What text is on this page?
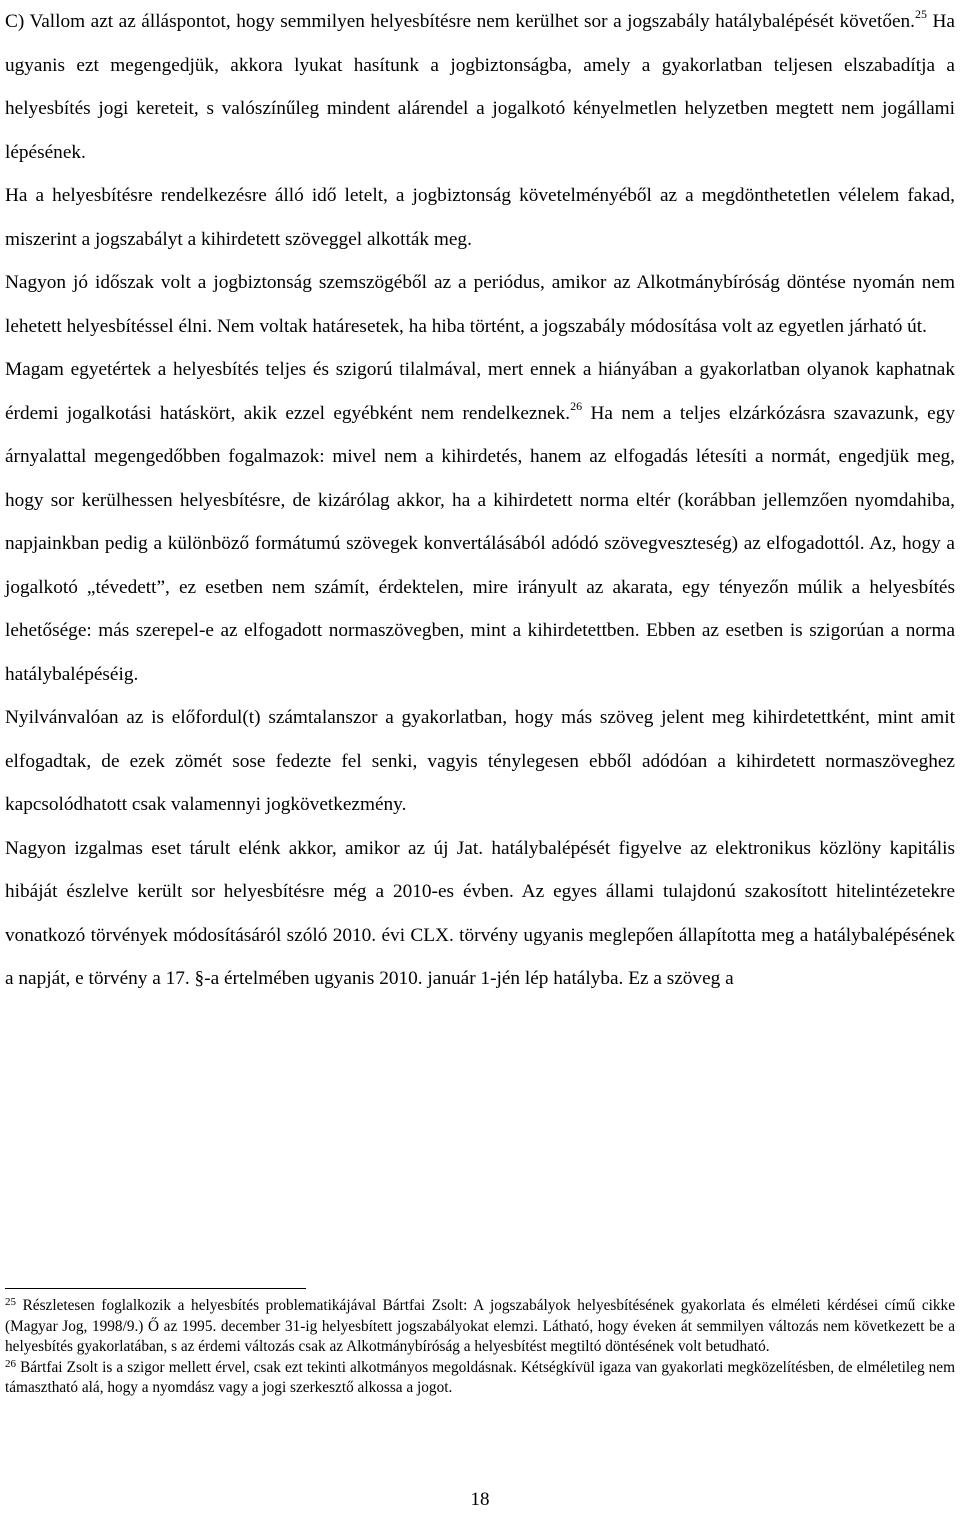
C) Vallom azt az álláspontot, hogy semmilyen helyesbítésre nem kerülhet sor a jogszabály hatálybalépését követően.$^{25}$ Ha ugyanis ezt megengedjük, akkora lyukat hasítunk a jogbiztonságba, amely a gyakorlatban teljesen elszabadítja a helyesbítés jogi kereteit, s valószínűleg mindent alárendel a jogalkotó kényelmetlen helyzetben megtett nem jogállami lépésének.

Ha a helyesbítésre rendelkezésre álló idő letelt, a jogbiztonság követelményéből az a megdönthetetlen vélelem fakad, miszerint a jogszabályt a kihirdetett szöveggel alkották meg.

Nagyon jó időszak volt a jogbiztonság szemszögéből az a periódus, amikor az Alkotmánybíróság döntése nyomán nem lehetett helyesbítéssel élni. Nem voltak határesetek, ha hiba történt, a jogszabály módosítása volt az egyetlen járható út.

Magam egyetértek a helyesbítés teljes és szigorú tilalmával, mert ennek a hiányában a gyakorlatban olyanok kaphatnak érdemi jogalkotási hatáskört, akik ezzel egyébként nem rendelkeznek.$^{26}$ Ha nem a teljes elzárkózásra szavazunk, egy árnyalattal megengedőbben fogalmazok: mivel nem a kihirdetés, hanem az elfogadás létesíti a normát, engedjük meg, hogy sor kerülhessen helyesbítésre, de kizárólag akkor, ha a kihirdetett norma eltér (korábban jellemzően nyomdahiba, napjainkban pedig a különböző formátumú szövegek konvertálásából adódó szövegveszteség) az elfogadottól. Az, hogy a jogalkotó „tévedett”, ez esetben nem számít, érdektelen, mire irányult az akarata, egy tényezőn múlik a helyesbítés lehetősége: más szerepel-e az elfogadott normaszövegben, mint a kihirdetettben. Ebben az esetben is szigorúan a norma hatálybalépéséig.

Nyilvánvalóan az is előfordul(t) számtalanszor a gyakorlatban, hogy más szöveg jelent meg kihirdetettként, mint amit elfogadtak, de ezek zömét sose fedezte fel senki, vagyis ténylegesen ebből adódóan a kihirdetett normaszöveghez kapcsolódhatott csak valamennyi jogkövetkezmény.

Nagyon izgalmas eset tárult elénk akkor, amikor az új Jat. hatálybalépését figyelve az elektronikus közlöny kapitális hibáját észlelve került sor helyesbítésre még a 2010-es évben. Az egyes állami tulajdonú szakosított hitelintézetekre vonatkozó törvények módosításáról szóló 2010. évi CLX. törvény ugyanis meglepően állapította meg a hatálybalépésének a napját, e törvény a 17. §-a értelmében ugyanis 2010. január 1-jén lép hatályba. Ez a szöveg a

$^{25}$ Részletesen foglalkozik a helyesbítés problematikájával Bártfai Zsolt: A jogszabályok helyesbítésének gyakorlata és elméleti kérdései című cikke (Magyar Jog, 1998/9.) Ő az 1995. december 31-ig helyesbített jogszabályokat elemzi. Látható, hogy éveken át semmilyen változás nem következett be a helyesbítés gyakorlatában, s az érdemi változás csak az Alkotmánybíróság a helyesbítést megtiltó döntésének volt betudható.

$^{26}$ Bártfai Zsolt is a szigor mellett érvel, csak ezt tekinti alkotmányos megoldásnak. Kétségkívül igaza van gyakorlati megközelítésben, de elméletileg nem támasztható alá, hogy a nyomdász vagy a jogi szerkesztő alkossa a jogot.

18
